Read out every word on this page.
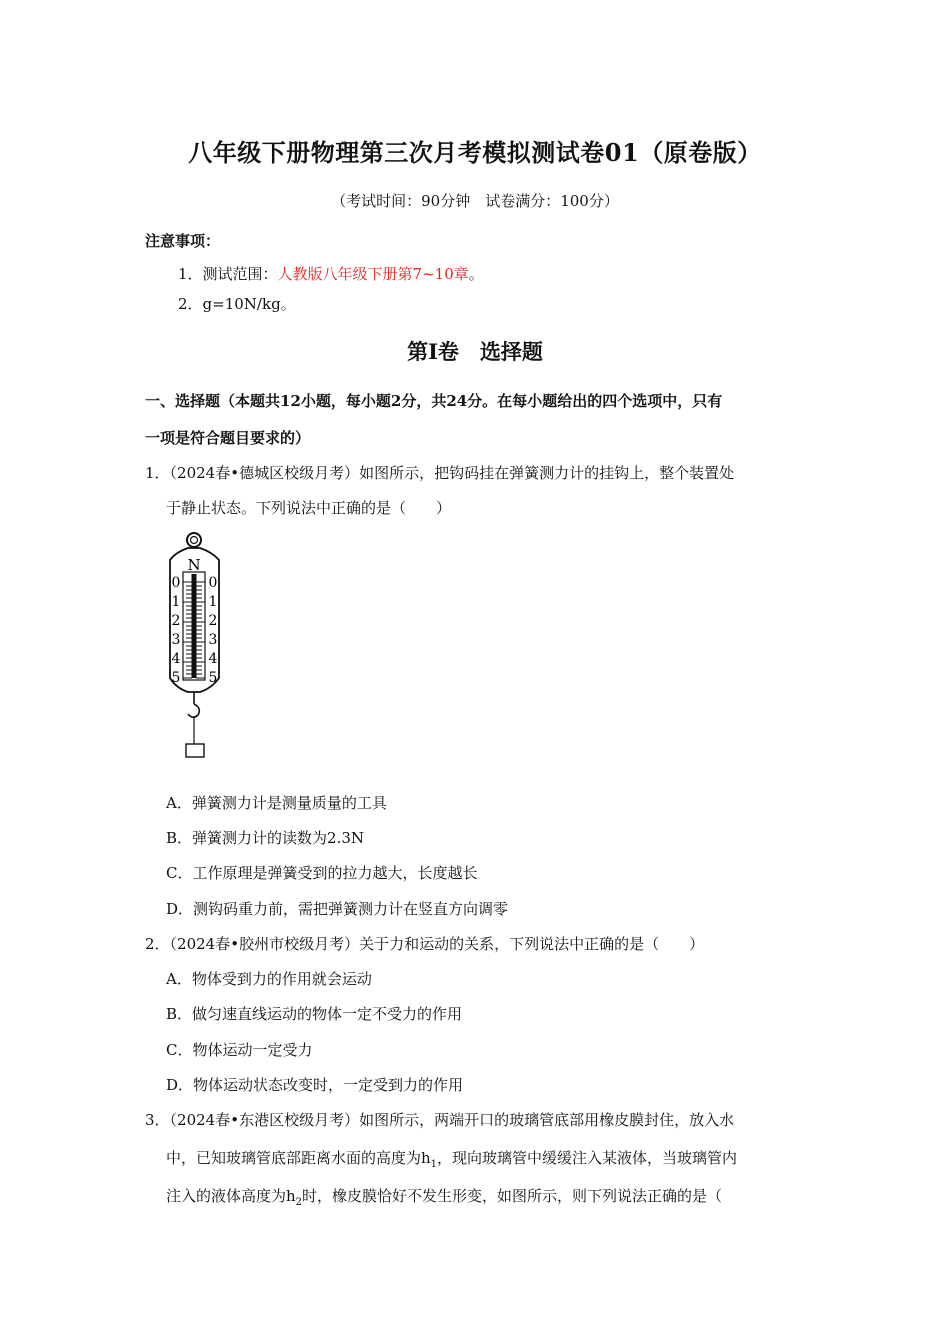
八年级下册物理第三次月考模拟测试卷01（原卷版）
（考试时间：90分钟　试卷满分：100分）
注意事项：
1．测试范围：人教版八年级下册第7~10章。
2．g=10N/kg。
第Ⅰ卷　选择题
一、选择题（本题共12小题，每小题2分，共24分。在每小题给出的四个选项中，只有
一项是符合题目要求的）
1．（2024春•德城区校级月考）如图所示，把钩码挂在弹簧测力计的挂钩上，整个装置处
于静止状态。下列说法中正确的是（　　）
N
0
1
2
3
4
5
0
1
2
3
4
5
A．弹簧测力计是测量质量的工具
B．弹簧测力计的读数为2.3N
C．工作原理是弹簧受到的拉力越大，长度越长
D．测钩码重力前，需把弹簧测力计在竖直方向调零
2．（2024春•胶州市校级月考）关于力和运动的关系，下列说法中正确的是（　　）
A．物体受到力的作用就会运动
B．做匀速直线运动的物体一定不受力的作用
C．物体运动一定受力
D．物体运动状态改变时，一定受到力的作用
3．（2024春•东港区校级月考）如图所示，两端开口的玻璃管底部用橡皮膜封住，放入水
中，已知玻璃管底部距离水面的高度为$h_1$，现向玻璃管中缓缓注入某液体，当玻璃管内
注入的液体高度为$h_2$时，橡皮膜恰好不发生形变，如图所示，则下列说法正确的是（
